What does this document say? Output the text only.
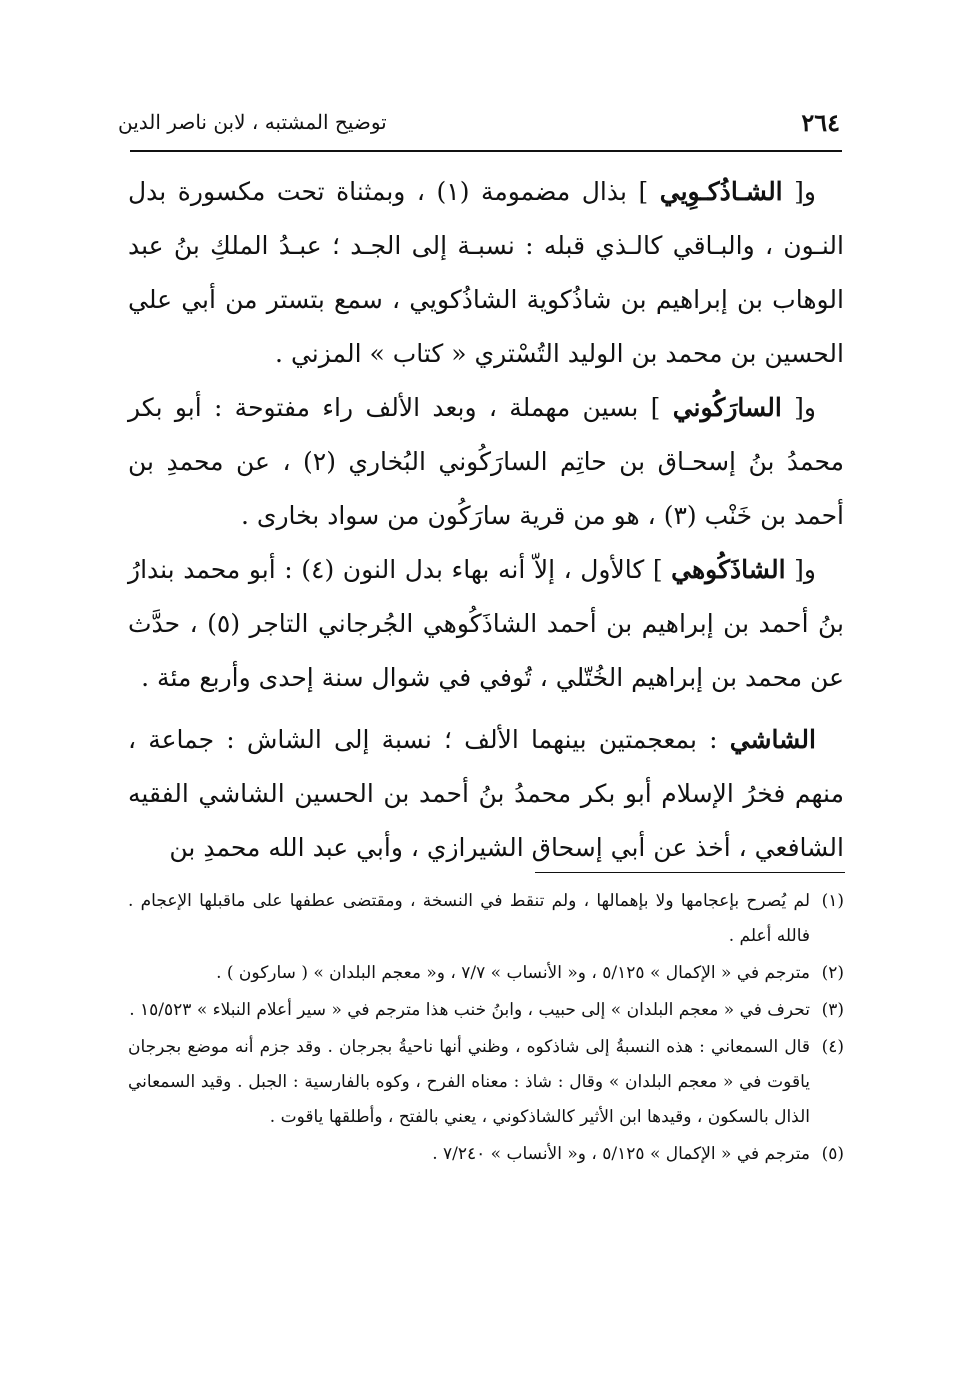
٢٦٤
توضيح المشتبه ، لابن ناصر الدين

و[ الشـاذُكـوِيي ] بذال مضمومة (١) ، وبمثناة تحت مكسورة بدل النـون ، والبـاقي كالـذي قبله : نسبـة إلى الجـد ؛ عبـدُ الملكِ بنُ عبد الوهاب بن إبراهيم بن شاذُكوية الشاذُكويي ، سمع بتستر من أبي علي الحسين بن محمد بن الوليد التُسْتري « كتاب » المزني .

و[ السارَكُوني ] بسين مهملة ، وبعد الألف راء مفتوحة : أبو بكر محمدُ بنُ إسحـاق بن حاتِم السارَكُوني البُخاري (٢) ، عن محمدِ بن أحمد بن خَنْب (٣) ، هو من قرية سارَكُون من سواد بخارى .

و[ الشاذَكُوهي ] كالأول ، إلاّ أنه بهاء بدل النون (٤) : أبو محمد بندارُ بنُ أحمد بن إبراهيم بن أحمد الشاذَكُوهي الجُرجاني التاجر (٥) ، حدَّث عن محمد بن إبراهيم الخُتّلي ، تُوفي في شوال سنة إحدى وأربع مئة .

الشاشي : بمعجمتين بينهما الألف ؛ نسبة إلى الشاش : جماعة ، منهم فخرُ الإسلام أبو بكر محمدُ بنُ أحمد بن الحسين الشاشي الفقيه الشافعي ، أخذ عن أبي إسحاق الشيرازي ، وأبي عبد الله محمدِ بن

(١)لم يُصرح بإعجامها ولا بإهمالها ، ولم تنقط في النسخة ، ومقتضى عطفها على ماقبلها الإعجام . فالله أعلم .

(٢)مترجم في « الإكمال » ٥/١٢٥ ، و« الأنساب » ٧/٧ ، و« معجم البلدان » ( ساركون ) .

(٣)تحرف في « معجم البلدان » إلى حبيب ، وابنُ خنب هذا مترجم في « سير أعلام النبلاء » ١٥/٥٢٣ .

(٤)قال السمعاني : هذه النسبةُ إلى شاذكوه ، وظني أنها ناحيةُ بجرجان . وقد جزم أنه موضع بجرجان ياقوت في « معجم البلدان » وقال : شاذ : معناه الفرح ، وكوه بالفارسية : الجبل . وقيد السمعاني الذال بالسكون ، وقيدها ابن الأثير كالشاذكوني ، يعني بالفتح ، وأطلقها ياقوت .

(٥)مترجم في « الإكمال » ٥/١٢٥ ، و« الأنساب » ٧/٢٤٠ .
